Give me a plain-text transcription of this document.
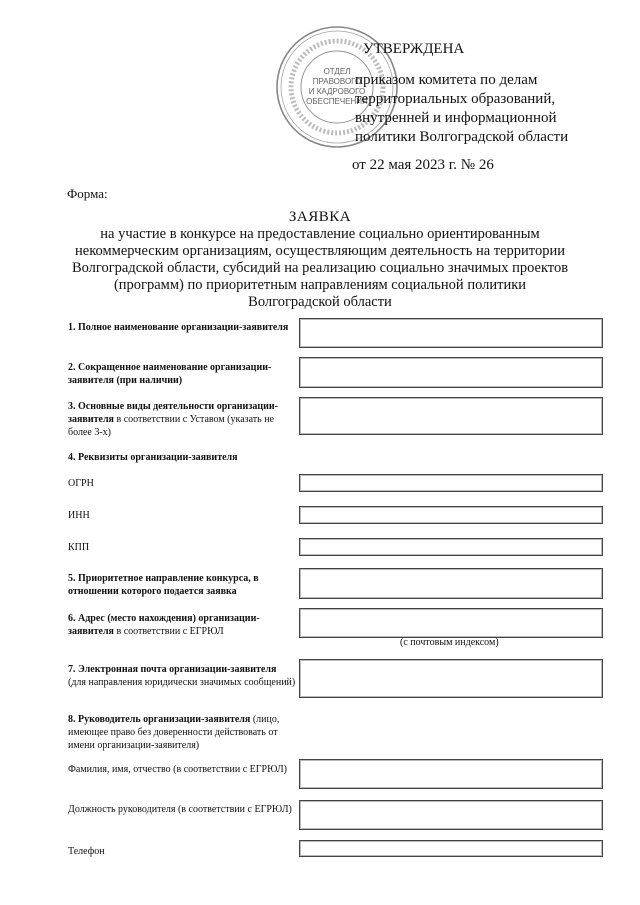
ОТДЕЛ
ПРАВОВОГО
И КАДРОВОГО
ОБЕСПЕЧЕНИЯ
УТВЕРЖДЕНА
приказом комитета по делам
территориальных образований,
внутренней и информационной
политики Волгоградской области
от 22 мая 2023 г. № 26
Форма:
ЗАЯВКА
на участие в конкурсе на предоставление социально ориентированным
некоммерческим организациям, осуществляющим деятельность на территории
Волгоградской области, субсидий на реализацию социально значимых проектов
(программ) по приоритетным направлениям социальной политики
Волгоградской области
1. Полное наименование организации-заявителя
2. Сокращенное наименование организации-заявителя (при наличии)
3. Основные виды деятельности организации-заявителя в соответствии с Уставом (указать не более 3-х)
4. Реквизиты организации-заявителя
ОГРН
ИНН
КПП
5. Приоритетное направление конкурса, в отношении которого подается заявка
6. Адрес (место нахождения) организации-заявителя в соответствии с ЕГРЮЛ
(с почтовым индексом)
7. Электронная почта организации-заявителя (для направления юридически значимых сообщений)
8. Руководитель организации-заявителя (лицо, имеющее право без доверенности действовать от имени организации-заявителя)
Фамилия, имя, отчество (в соответствии с ЕГРЮЛ)
Должность руководителя (в соответствии с ЕГРЮЛ)
Телефон
